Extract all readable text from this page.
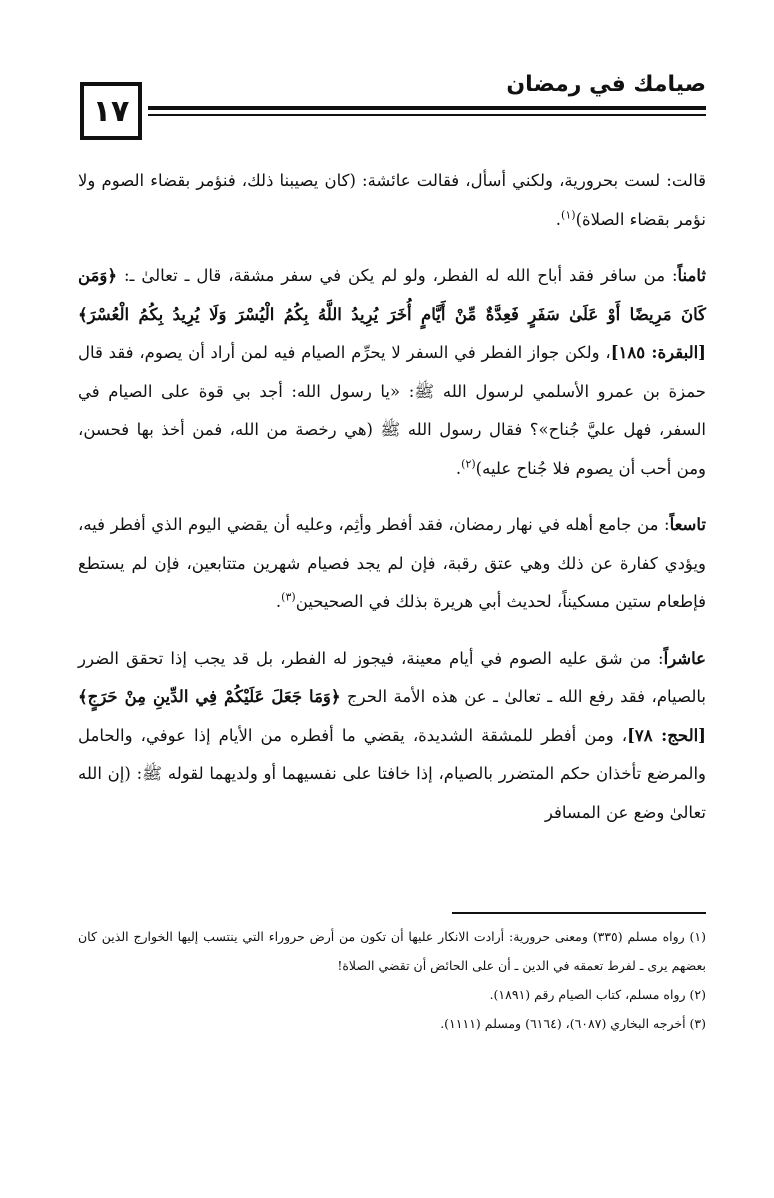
١٧
صيامك في رمضان

قالت: لست بحرورية، ولكني أسأل، فقالت عائشة: (كان يصيبنا ذلك، فنؤمر بقضاء الصوم ولا نؤمر بقضاء الصلاة)$^{(١)}$.

ثامناً: من سافر فقد أباح الله له الفطر، ولو لم يكن في سفر مشقة، قال ـ تعالىٰ ـ: ﴿وَمَن كَانَ مَرِيضًا أَوْ عَلَىٰ سَفَرٍ فَعِدَّةٌ مِّنْ أَيَّامٍ أُخَرَ يُرِيدُ اللَّهُ بِكُمُ الْيُسْرَ وَلَا يُرِيدُ بِكُمُ الْعُسْرَ﴾ [البقرة: ١٨٥]، ولكن جواز الفطر في السفر لا يحرِّم الصيام فيه لمن أراد أن يصوم، فقد قال حمزة بن عمرو الأسلمي لرسول الله ﷺ: «يا رسول الله: أجد بي قوة على الصيام في السفر، فهل عليَّ جُناح»؟ فقال رسول الله ﷺ (هي رخصة من الله، فمن أخذ بها فحسن، ومن أحب أن يصوم فلا جُناح عليه)$^{(٢)}$.

تاسعاً: من جامع أهله في نهار رمضان، فقد أفطر وأثِم، وعليه أن يقضي اليوم الذي أفطر فيه، ويؤدي كفارة عن ذلك وهي عتق رقبة، فإن لم يجد فصيام شهرين متتابعين، فإن لم يستطع فإطعام ستين مسكيناً، لحديث أبي هريرة بذلك في الصحيحين$^{(٣)}$.

عاشراً: من شق عليه الصوم في أيام معينة، فيجوز له الفطر، بل قد يجب إذا تحقق الضرر بالصيام، فقد رفع الله ـ تعالىٰ ـ عن هذه الأمة الحرج ﴿وَمَا جَعَلَ عَلَيْكُمْ فِي الدِّينِ مِنْ حَرَجٍ﴾ [الحج: ٧٨]، ومن أفطر للمشقة الشديدة، يقضي ما أفطره من الأيام إذا عوفي، والحامل والمرضع تأخذان حكم المتضرر بالصيام، إذا خافتا على نفسيهما أو ولديهما لقوله ﷺ: (إن الله تعالىٰ وضع عن المسافر

(١) رواه مسلم (٣٣٥) ومعنى حرورية: أرادت الانكار عليها أن تكون من أرض حروراء التي ينتسب إليها الخوارج الذين كان بعضهم يرى ـ لفرط تعمقه في الدين ـ أن على الحائض أن تقضي الصلاة!

(٢) رواه مسلم، كتاب الصيام رقم (١٨٩١).

(٣) أخرجه البخاري (٦٠٨٧)، (٦١٦٤) ومسلم (١١١١).
